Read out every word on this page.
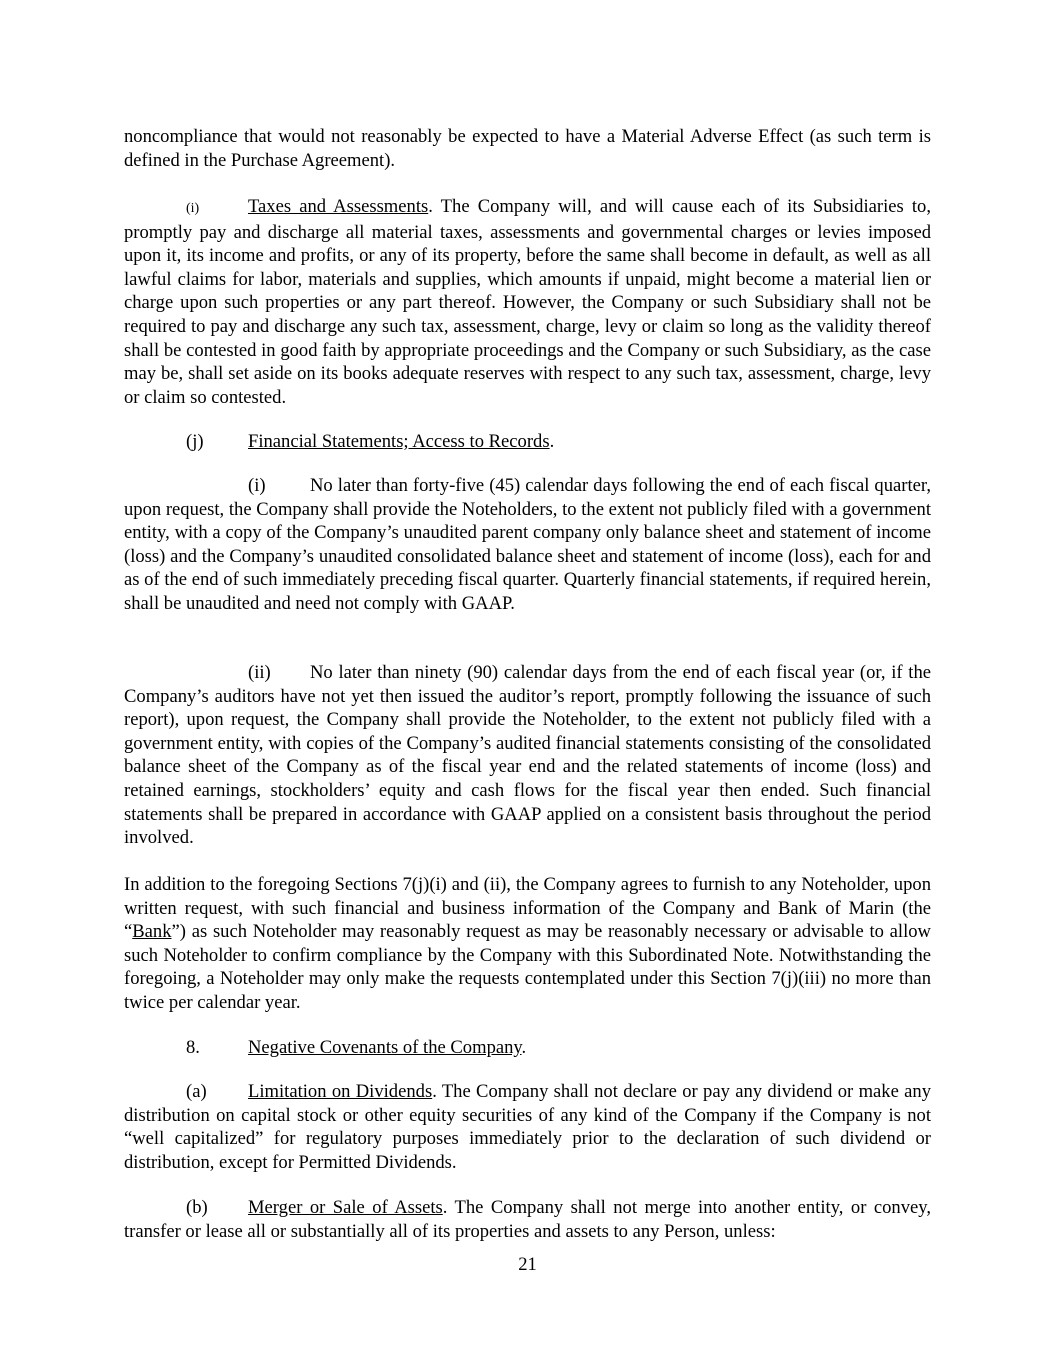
noncompliance that would not reasonably be expected to have a Material Adverse Effect (as such term is defined in the Purchase Agreement).

(i)	Taxes and Assessments. The Company will, and will cause each of its Subsidiaries to, promptly pay and discharge all material taxes, assessments and governmental charges or levies imposed upon it, its income and profits, or any of its property, before the same shall become in default, as well as all lawful claims for labor, materials and supplies, which amounts if unpaid, might become a material lien or charge upon such properties or any part thereof. However, the Company or such Subsidiary shall not be required to pay and discharge any such tax, assessment, charge, levy or claim so long as the validity thereof shall be contested in good faith by appropriate proceedings and the Company or such Subsidiary, as the case may be, shall set aside on its books adequate reserves with respect to any such tax, assessment, charge, levy or claim so contested.

(j) Financial Statements; Access to Records.

(i) No later than forty-five (45) calendar days following the end of each fiscal quarter, upon request, the Company shall provide the Noteholders, to the extent not publicly filed with a government entity, with a copy of the Company’s unaudited parent company only balance sheet and statement of income (loss) and the Company’s unaudited consolidated balance sheet and statement of income (loss), each for and as of the end of such immediately preceding fiscal quarter. Quarterly financial statements, if required herein, shall be unaudited and need not comply with GAAP.

(ii) No later than ninety (90) calendar days from the end of each fiscal year (or, if the Company’s auditors have not yet then issued the auditor’s report, promptly following the issuance of such report), upon request, the Company shall provide the Noteholder, to the extent not publicly filed with a government entity, with copies of the Company’s audited financial statements consisting of the consolidated balance sheet of the Company as of the fiscal year end and the related statements of income (loss) and retained earnings, stockholders’ equity and cash flows for the fiscal year then ended. Such financial statements shall be prepared in accordance with GAAP applied on a consistent basis throughout the period involved.

In addition to the foregoing Sections 7(j)(i) and (ii), the Company agrees to furnish to any Noteholder, upon written request, with such financial and business information of the Company and Bank of Marin (the “Bank”) as such Noteholder may reasonably request as may be reasonably necessary or advisable to allow such Noteholder to confirm compliance by the Company with this Subordinated Note. Notwithstanding the foregoing, a Noteholder may only make the requests contemplated under this Section 7(j)(iii) no more than twice per calendar year.

8.	Negative Covenants of the Company.

(a) Limitation on Dividends. The Company shall not declare or pay any dividend or make any distribution on capital stock or other equity securities of any kind of the Company if the Company is not “well capitalized” for regulatory purposes immediately prior to the declaration of such dividend or distribution, except for Permitted Dividends.

(b) Merger or Sale of Assets. The Company shall not merge into another entity, or convey, transfer or lease all or substantially all of its properties and assets to any Person, unless:

21
